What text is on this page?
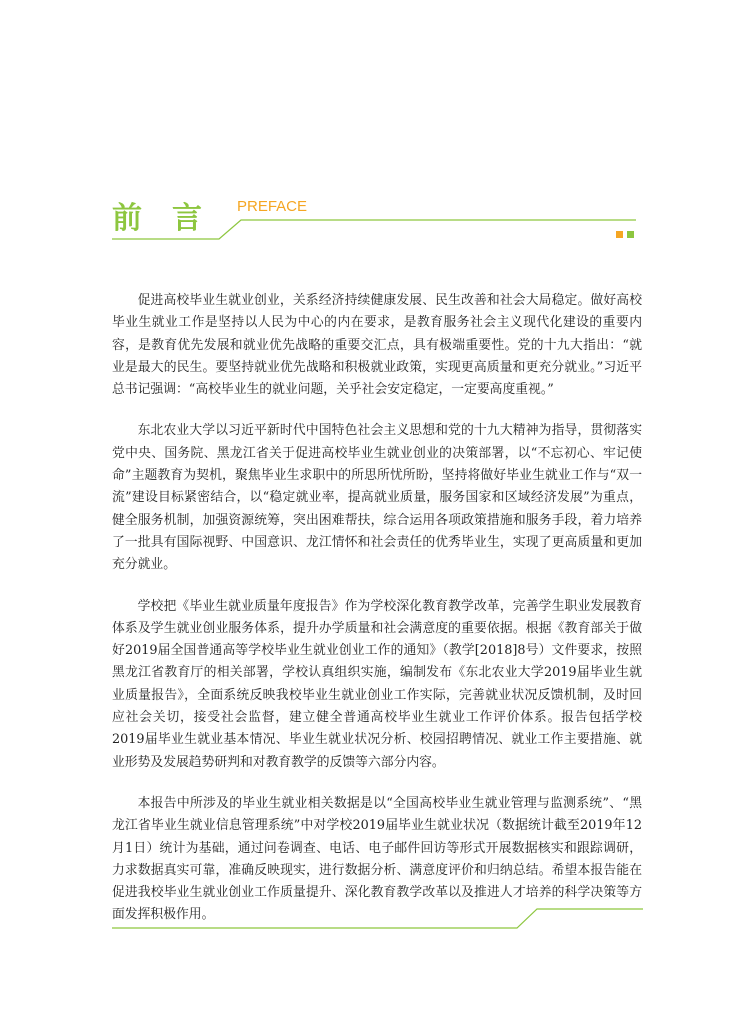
前言 PREFACE

促进高校毕业生就业创业，关系经济持续健康发展、民生改善和社会大局稳定。做好高校毕业生就业工作是坚持以人民为中心的内在要求，是教育服务社会主义现代化建设的重要内容，是教育优先发展和就业优先战略的重要交汇点，具有极端重要性。党的十九大指出：“就业是最大的民生。要坚持就业优先战略和积极就业政策，实现更高质量和更充分就业。”习近平总书记强调：“高校毕业生的就业问题，关乎社会安定稳定，一定要高度重视。”

东北农业大学以习近平新时代中国特色社会主义思想和党的十九大精神为指导，贯彻落实党中央、国务院、黑龙江省关于促进高校毕业生就业创业的决策部署，以“不忘初心、牢记使命”主题教育为契机，聚焦毕业生求职中的所思所忧所盼，坚持将做好毕业生就业工作与“双一流”建设目标紧密结合，以“稳定就业率，提高就业质量，服务国家和区域经济发展”为重点，健全服务机制，加强资源统筹，突出困难帮扶，综合运用各项政策措施和服务手段，着力培养了一批具有国际视野、中国意识、龙江情怀和社会责任的优秀毕业生，实现了更高质量和更加充分就业。

学校把《毕业生就业质量年度报告》作为学校深化教育教学改革，完善学生职业发展教育体系及学生就业创业服务体系，提升办学质量和社会满意度的重要依据。根据《教育部关于做好2019届全国普通高等学校毕业生就业创业工作的通知》（教学[2018]8号）文件要求，按照黑龙江省教育厅的相关部署，学校认真组织实施，编制发布《东北农业大学2019届毕业生就业质量报告》，全面系统反映我校毕业生就业创业工作实际，完善就业状况反馈机制，及时回应社会关切，接受社会监督，建立健全普通高校毕业生就业工作评价体系。报告包括学校2019届毕业生就业基本情况、毕业生就业状况分析、校园招聘情况、就业工作主要措施、就业形势及发展趋势研判和对教育教学的反馈等六部分内容。

本报告中所涉及的毕业生就业相关数据是以“全国高校毕业生就业管理与监测系统”、“黑龙江省毕业生就业信息管理系统”中对学校2019届毕业生就业状况（数据统计截至2019年12月1日）统计为基础，通过问卷调查、电话、电子邮件回访等形式开展数据核实和跟踪调研，力求数据真实可靠，准确反映现实，进行数据分析、满意度评价和归纳总结。希望本报告能在促进我校毕业生就业创业工作质量提升、深化教育教学改革以及推进人才培养的科学决策等方面发挥积极作用。
